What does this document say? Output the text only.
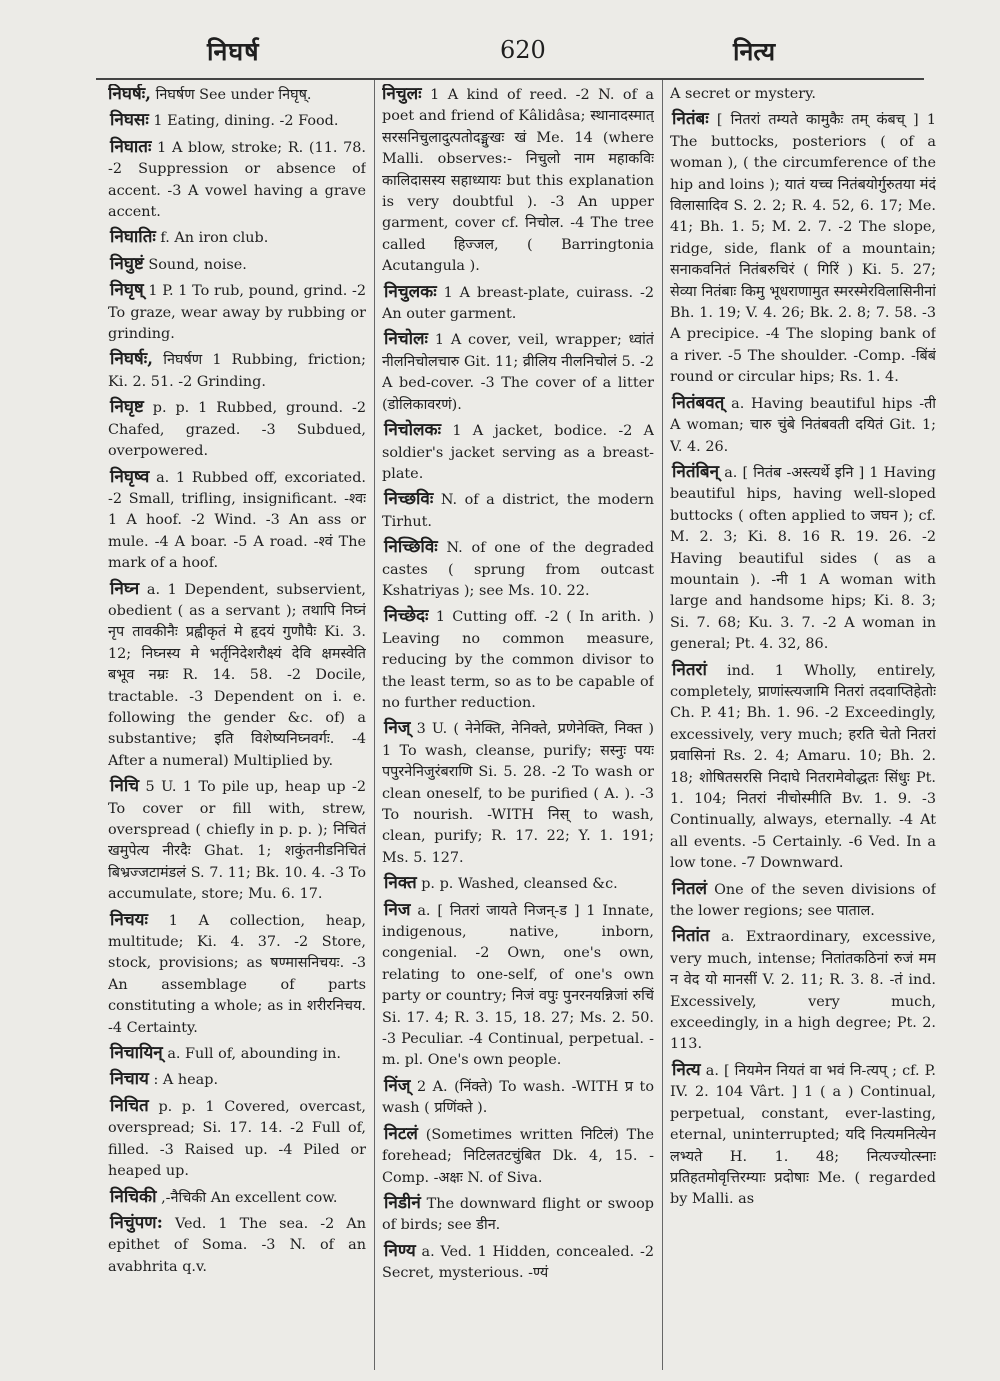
निघर्ष	620	नित्य

निघर्षः, निघर्षण See under निघृष्.

निघसः 1 Eating, dining. -2 Food.

निघातः 1 A blow, stroke; R. (11. 78. -2 Suppression or absence of accent. -3 A vowel having a grave accent.

निघातिः f. An iron club.

निघुष्टं Sound, noise.

निघृष् 1 P. 1 To rub, pound, grind. -2 To graze, wear away by rubbing or grinding.

निघर्षः, निघर्षण 1 Rubbing, friction; Ki. 2. 51. -2 Grinding.

निघृष्ट p. p. 1 Rubbed, ground. -2 Chafed, grazed. -3 Subdued, overpowered.

निघृष्व a. 1 Rubbed off, excoriated. -2 Small, trifling, insignificant. -श्वः 1 A hoof. -2 Wind. -3 An ass or mule. -4 A boar. -5 A road. -श्वं The mark of a hoof.

निघ्न a. 1 Dependent, subservient, obedient ( as a servant ); तथापि निघ्नं नृप तावकीनैः प्रह्वीकृतं मे हृदयं गुणौघैः Ki. 3. 12; निघ्नस्य मे भर्तृनिदेशरौक्ष्यं देवि क्षमस्वेति बभूव नम्रः R. 14. 58. -2 Docile, tractable. -3 Dependent on i. e. following the gender &c. of) a substantive; इति विशेष्यनिघ्नवर्गः. -4 After a numeral) Multiplied by.

निचि 5 U. 1 To pile up, heap up -2 To cover or fill with, strew, overspread ( chiefly in p. p. ); निचितं खमुपेत्य नीरदैः Ghat. 1; शकुंतनीडनिचितं बिभ्रज्जटामंडलं S. 7. 11; Bk. 10. 4. -3 To accumulate, store; Mu. 6. 17.

निचयः 1 A collection, heap, multitude; Ki. 4. 37. -2 Store, stock, provisions; as षण्मासनिचयः. -3 An assemblage of parts constituting a whole; as in शरीरनिचय. -4 Certainty.

निचायिन् a. Full of, abounding in.

निचाय : A heap.

निचित p. p. 1 Covered, overcast, overspread; Si. 17. 14. -2 Full of, filled. -3 Raised up. -4 Piled or heaped up.

निचिकी ,-नैचिकी An excellent cow.

निचुंपण: Ved. 1 The sea. -2 An epithet of Soma. -3 N. of an avabhrita q.v.

निचुलः 1 A kind of reed. -2 N. of a poet and friend of Kâlidâsa; स्थानादस्मात् सरसनिचुलादुत्पतोदङ्मुखः खं Me. 14 (where Malli. observes:- निचुलो नाम महाकविः कालिदासस्य सहाध्यायः but this explanation is very doubtful ). -3 An upper garment, cover cf. निचोल. -4 The tree called हिज्जल, ( Barringtonia Acutangula ).

निचुलकः 1 A breast-plate, cuirass. -2 An outer garment.

निचोलः 1 A cover, veil, wrapper; ध्वांतं नीलनिचोलचारु Git. 11; व्रीलिय नीलनिचोलं 5. -2 A bed-cover. -3 The cover of a litter (डोलिकावरणं).

निचोलकः 1 A jacket, bodice. -2 A soldier's jacket serving as a breast-plate.

निच्छविः N. of a district, the modern Tirhut.

निच्छिविः N. of one of the degraded castes ( sprung from outcast Kshatriyas ); see Ms. 10. 22.

निच्छेदः 1 Cutting off. -2 ( In arith. ) Leaving no common measure, reducing by the common divisor to the least term, so as to be capable of no further reduction.

निज् 3 U. ( नेनेक्ति, नेनिक्ते, प्रणेनेक्ति, निक्त ) 1 To wash, cleanse, purify; सस्नुः पयः पपुरनेनिजुरंबराणि Si. 5. 28. -2 To wash or clean oneself, to be purified ( A. ). -3 To nourish. -WITH निस् to wash, clean, purify; R. 17. 22; Y. 1. 191; Ms. 5. 127.

निक्त p. p. Washed, cleansed &c.

निज a. [ नितरां जायते निजन्-ड ] 1 Innate, indigenous, native, inborn, congenial. -2 Own, one's own, relating to one-self, of one's own party or country; निजं वपुः पुनरनयन्निजां रुचिं Si. 17. 4; R. 3. 15, 18. 27; Ms. 2. 50. -3 Peculiar. -4 Continual, perpetual. -m. pl. One's own people.

निंज् 2 A. (निंक्ते) To wash. -WITH प्र to wash ( प्रणिंक्ते ).

निटलं (Sometimes written निटिलं) The forehead; निटिलतटचुंबित Dk. 4, 15. -Comp. -अक्षः N. of Siva.

निडीनं The downward flight or swoop of birds; see डीन.

निण्य a. Ved. 1 Hidden, concealed. -2 Secret, mysterious. -ण्यं

A secret or mystery.

नितंबः [ नितरां तम्यते कामुकैः तम् कंबच् ] 1 The buttocks, posteriors ( of a woman ), ( the circumference of the hip and loins ); यातं यच्च नितंबयोर्गुरुतया मंदं विलासादिव S. 2. 2; R. 4. 52, 6. 17; Me. 41; Bh. 1. 5; M. 2. 7. -2 The slope, ridge, side, flank of a mountain; सनाकवनितं नितंबरुचिरं ( गिरिं ) Ki. 5. 27; सेव्या नितंबाः किमु भूधराणामुत स्मरस्मेरविलासिनीनां Bh. 1. 19; V. 4. 26; Bk. 2. 8; 7. 58. -3 A precipice. -4 The sloping bank of a river. -5 The shoulder. -Comp. -बिंबं round or circular hips; Rs. 1. 4.

नितंबवत् a. Having beautiful hips -ती A woman; चारु चुंबे नितंबवती दयितं Git. 1; V. 4. 26.

नितंबिन् a. [ नितंब -अस्त्यर्थे इनि ] 1 Having beautiful hips, having well-sloped buttocks ( often applied to जघन ); cf. M. 2. 3; Ki. 8. 16 R. 19. 26. -2 Having beautiful sides ( as a mountain ). -नी 1 A woman with large and handsome hips; Ki. 8. 3; Si. 7. 68; Ku. 3. 7. -2 A woman in general; Pt. 4. 32, 86.

नितरां ind. 1 Wholly, entirely, completely, प्राणांस्त्यजामि नितरां तदवाप्तिहेतोः Ch. P. 41; Bh. 1. 96. -2 Exceedingly, excessively, very much; हरति चेतो नितरां प्रवासिनां Rs. 2. 4; Amaru. 10; Bh. 2. 18; शोषितसरसि निदाघे नितरामेवोद्धतः सिंधुः Pt. 1. 104; नितरां नीचोस्मीति Bv. 1. 9. -3 Continually, always, eternally. -4 At all events. -5 Certainly. -6 Ved. In a low tone. -7 Downward.

नितलं One of the seven divisions of the lower regions; see पाताल.

नितांत a. Extraordinary, excessive, very much, intense; नितांतकठिनां रुजं मम न वेद यो मानसीं V. 2. 11; R. 3. 8. -तं ind. Excessively, very much, exceedingly, in a high degree; Pt. 2. 113.

नित्य a. [ नियमेन नियतं वा भवं नि-त्यप् ; cf. P. IV. 2. 104 Vârt. ] 1 ( a ) Continual, perpetual, constant, ever-lasting, eternal, uninterrupted; यदि नित्यमनित्येन लभ्यते H. 1. 48; नित्यज्योत्स्नाः प्रतिहतमोवृत्तिरम्याः प्रदोषाः Me. ( regarded by Malli. as
